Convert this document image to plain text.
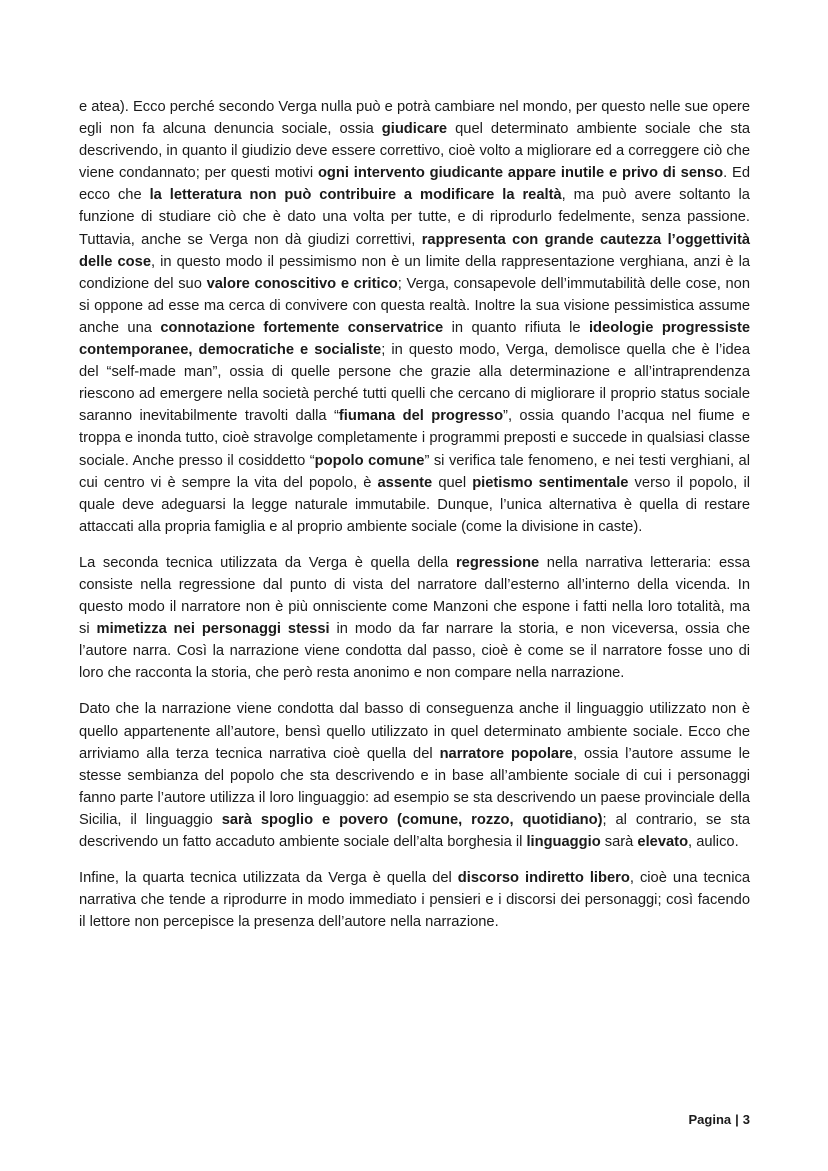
e atea). Ecco perché secondo Verga nulla può e potrà cambiare nel mondo, per questo nelle sue opere egli non fa alcuna denuncia sociale, ossia giudicare quel determinato ambiente sociale che sta descrivendo, in quanto il giudizio deve essere correttivo, cioè volto a migliorare ed a correggere ciò che viene condannato; per questi motivi ogni intervento giudicante appare inutile e privo di senso. Ed ecco che la letteratura non può contribuire a modificare la realtà, ma può avere soltanto la funzione di studiare ciò che è dato una volta per tutte, e di riprodurlo fedelmente, senza passione. Tuttavia, anche se Verga non dà giudizi correttivi, rappresenta con grande cautezza l’oggettività delle cose, in questo modo il pessimismo non è un limite della rappresentazione verghiana, anzi è la condizione del suo valore conoscitivo e critico; Verga, consapevole dell’immutabilità delle cose, non si oppone ad esse ma cerca di convivere con questa realtà. Inoltre la sua visione pessimistica assume anche una connotazione fortemente conservatrice in quanto rifiuta le ideologie progressiste contemporanee, democratiche e socialiste; in questo modo, Verga, demolisce quella che è l’idea del “self-made man”, ossia di quelle persone che grazie alla determinazione e all’intraprendenza riescono ad emergere nella società perché tutti quelli che cercano di migliorare il proprio status sociale saranno inevitabilmente travolti dalla “fiumana del progresso”, ossia quando l’acqua nel fiume e troppa e inonda tutto, cioè stravolge completamente i programmi preposti e succede in qualsiasi classe sociale. Anche presso il cosiddetto “popolo comune” si verifica tale fenomeno, e nei testi verghiani, al cui centro vi è sempre la vita del popolo, è assente quel pietismo sentimentale verso il popolo, il quale deve adeguarsi la legge naturale immutabile. Dunque, l’unica alternativa è quella di restare attaccati alla propria famiglia e al proprio ambiente sociale (come la divisione in caste).

La seconda tecnica utilizzata da Verga è quella della regressione nella narrativa letteraria: essa consiste nella regressione dal punto di vista del narratore dall’esterno all’interno della vicenda. In questo modo il narratore non è più onnisciente come Manzoni che espone i fatti nella loro totalità, ma si mimetizza nei personaggi stessi in modo da far narrare la storia, e non viceversa, ossia che l’autore narra. Così la narrazione viene condotta dal passo, cioè è come se il narratore fosse uno di loro che racconta la storia, che però resta anonimo e non compare nella narrazione.

Dato che la narrazione viene condotta dal basso di conseguenza anche il linguaggio utilizzato non è quello appartenente all’autore, bensì quello utilizzato in quel determinato ambiente sociale. Ecco che arriviamo alla terza tecnica narrativa cioè quella del narratore popolare, ossia l’autore assume le stesse sembianza del popolo che sta descrivendo e in base all’ambiente sociale di cui i personaggi fanno parte l’autore utilizza il loro linguaggio: ad esempio se sta descrivendo un paese provinciale della Sicilia, il linguaggio sarà spoglio e povero (comune, rozzo, quotidiano); al contrario, se sta descrivendo un fatto accaduto ambiente sociale dell’alta borghesia il linguaggio sarà elevato, aulico.

Infine, la quarta tecnica utilizzata da Verga è quella del discorso indiretto libero, cioè una tecnica narrativa che tende a riprodurre in modo immediato i pensieri e i discorsi dei personaggi; così facendo il lettore non percepisce la presenza dell’autore nella narrazione.

Pagina | 3
